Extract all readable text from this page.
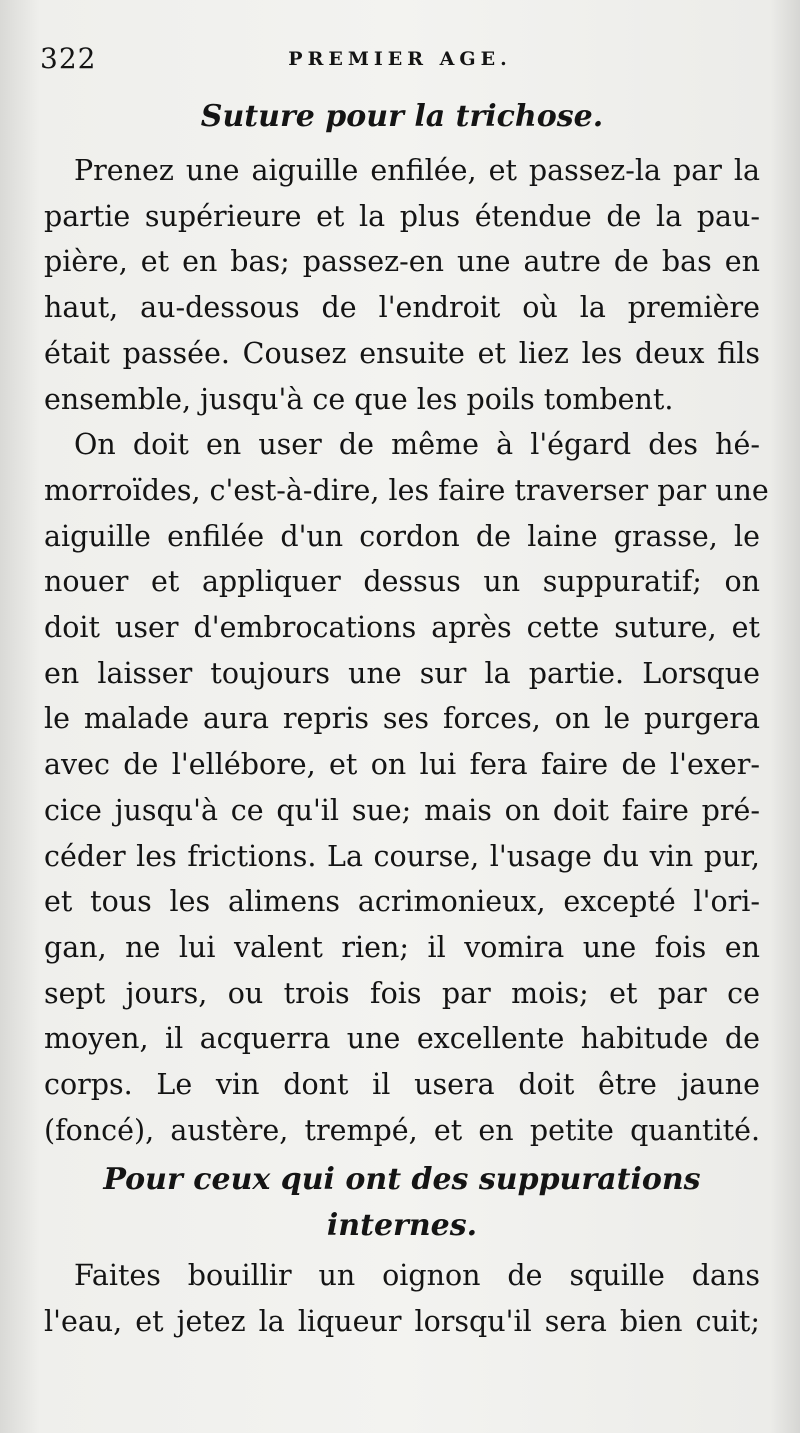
322	PREMIER AGE.
Suture pour la trichose.

Prenez une aiguille enfilée, et passez-la par la
partie supérieure et la plus étendue de la pau-
pière, et en bas; passez-en une autre de bas en
haut, au-dessous de l'endroit où la première
était passée. Cousez ensuite et liez les deux fils
ensemble, jusqu'à ce que les poils tombent.

On doit en user de même à l'égard des hé-
morroïdes, c'est-à-dire, les faire traverser par une
aiguille enfilée d'un cordon de laine grasse, le
nouer et appliquer dessus un suppuratif; on
doit user d'embrocations après cette suture, et
en laisser toujours une sur la partie. Lorsque
le malade aura repris ses forces, on le purgera
avec de l'ellébore, et on lui fera faire de l'exer-
cice jusqu'à ce qu'il sue; mais on doit faire pré-
céder les frictions. La course, l'usage du vin pur,
et tous les alimens acrimonieux, excepté l'ori-
gan, ne lui valent rien; il vomira une fois en
sept jours, ou trois fois par mois; et par ce
moyen, il acquerra une excellente habitude de
corps. Le vin dont il usera doit être jaune
(foncé), austère, trempé, et en petite quantité.

Pour ceux qui ont des suppurations
internes.

Faites bouillir un oignon de squille dans
l'eau, et jetez la liqueur lorsqu'il sera bien cuit;
